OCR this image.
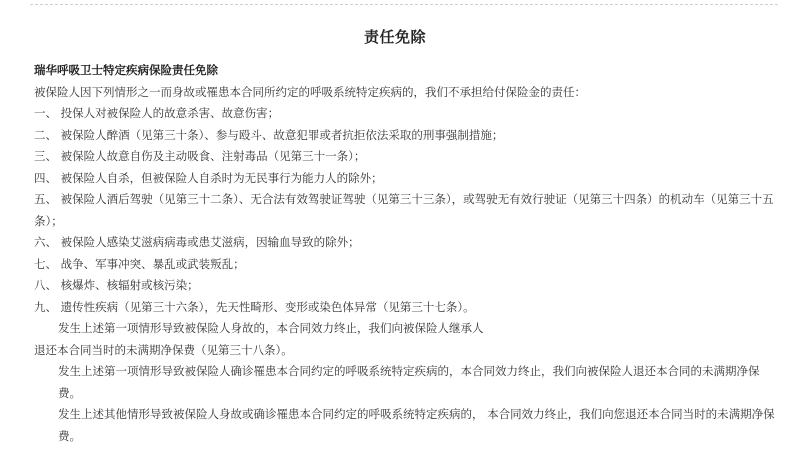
责任免除
瑞华呼吸卫士特定疾病保险责任免除
被保险人因下列情形之一而身故或罹患本合同所约定的呼吸系统特定疾病的，我们不承担给付保险金的责任：
一、 投保人对被保险人的故意杀害、故意伤害；
二、 被保险人醉酒（见第三十条）、参与殴斗、故意犯罪或者抗拒依法采取的刑事强制措施；
三、 被保险人故意自伤及主动吸食、注射毒品（见第三十一条）；
四、 被保险人自杀，但被保险人自杀时为无民事行为能力人的除外；
五、 被保险人酒后驾驶（见第三十二条）、无合法有效驾驶证驾驶（见第三十三条），或驾驶无有效行驶证（见第三十四条）的机动车（见第三十五条）；
六、 被保险人感染艾滋病病毒或患艾滋病，因输血导致的除外；
七、 战争、军事冲突、暴乱或武装叛乱；
八、 核爆炸、核辐射或核污染；
九、 遗传性疾病（见第三十六条），先天性畸形、变形或染色体异常（见第三十七条）。
发生上述第一项情形导致被保险人身故的，本合同效力终止，我们向被保险人继承人
退还本合同当时的未满期净保费（见第三十八条）。
发生上述第一项情形导致被保险人确诊罹患本合同约定的呼吸系统特定疾病的，本合同效力终止，我们向被保险人退还本合同的未满期净保费。
发生上述其他情形导致被保险人身故或确诊罹患本合同约定的呼吸系统特定疾病的， 本合同效力终止，我们向您退还本合同当时的未满期净保费。
